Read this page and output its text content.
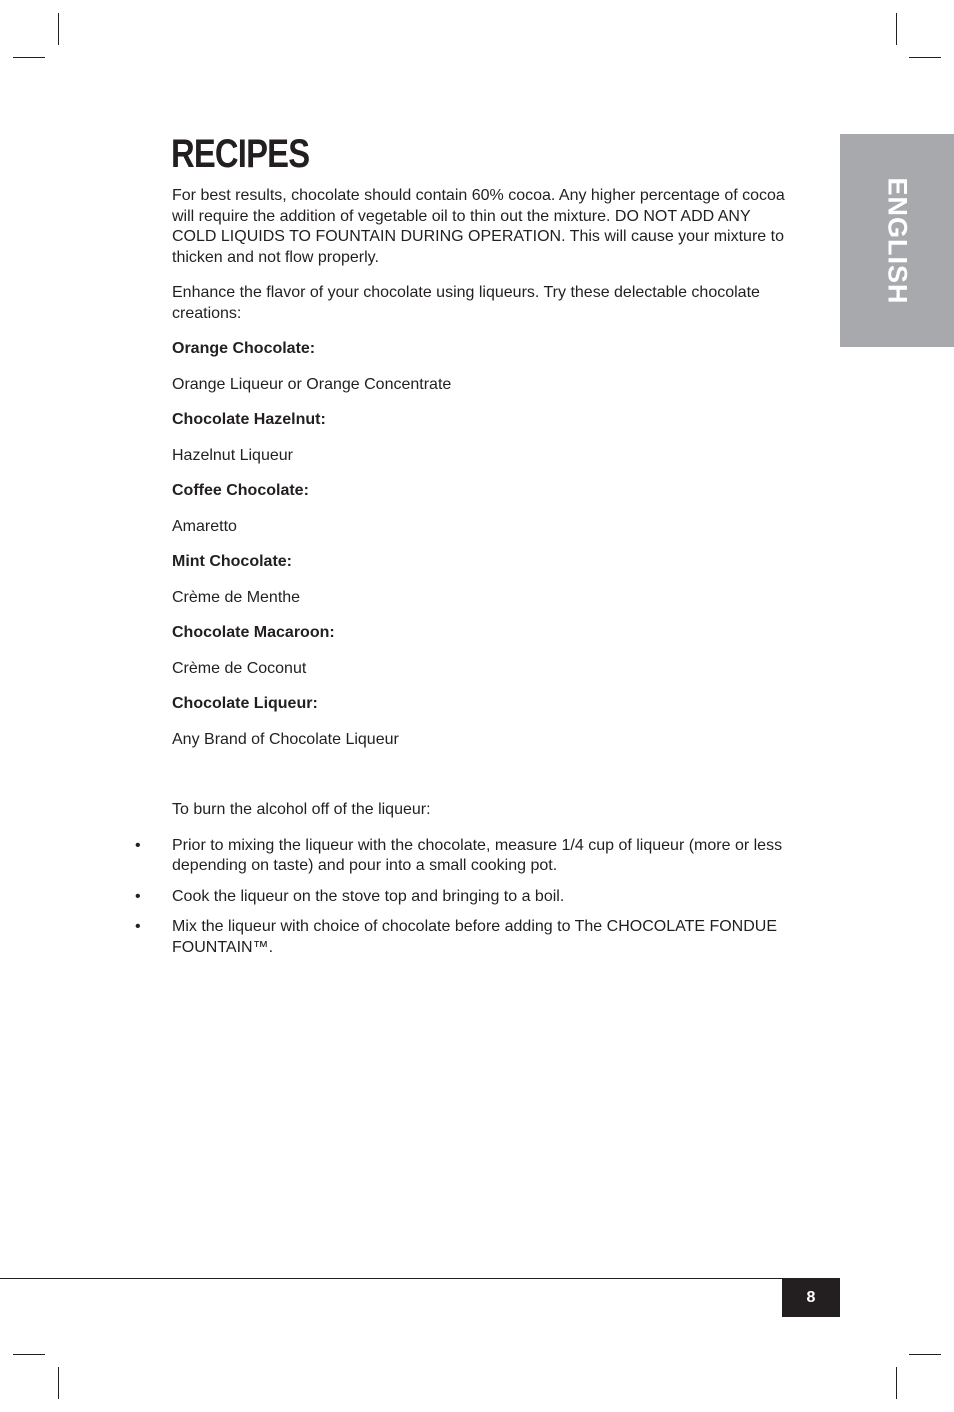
ENGLISH
RECIPES

For best results, chocolate should contain 60% cocoa. Any higher percentage of cocoa will require the addition of vegetable oil to thin out the mixture. DO NOT ADD ANY COLD LIQUIDS TO FOUNTAIN DURING OPERATION. This will cause your mixture to thicken and not flow properly.

Enhance the flavor of your chocolate using liqueurs. Try these delectable chocolate creations:

Orange Chocolate:

Orange Liqueur or Orange Concentrate

Chocolate Hazelnut:

Hazelnut Liqueur

Coffee Chocolate:

Amaretto

Mint Chocolate:

Crème de Menthe

Chocolate Macaroon:

Crème de Coconut

Chocolate Liqueur:

Any Brand of Chocolate Liqueur

To burn the alcohol off of the liqueur:

• Prior to mixing the liqueur with the chocolate, measure 1/4 cup of liqueur (more or less depending on taste) and pour into a small cooking pot.
• Cook the liqueur on the stove top and bringing to a boil.
• Mix the liqueur with choice of chocolate before adding to The CHOCOLATE FONDUE FOUNTAIN™.
8
